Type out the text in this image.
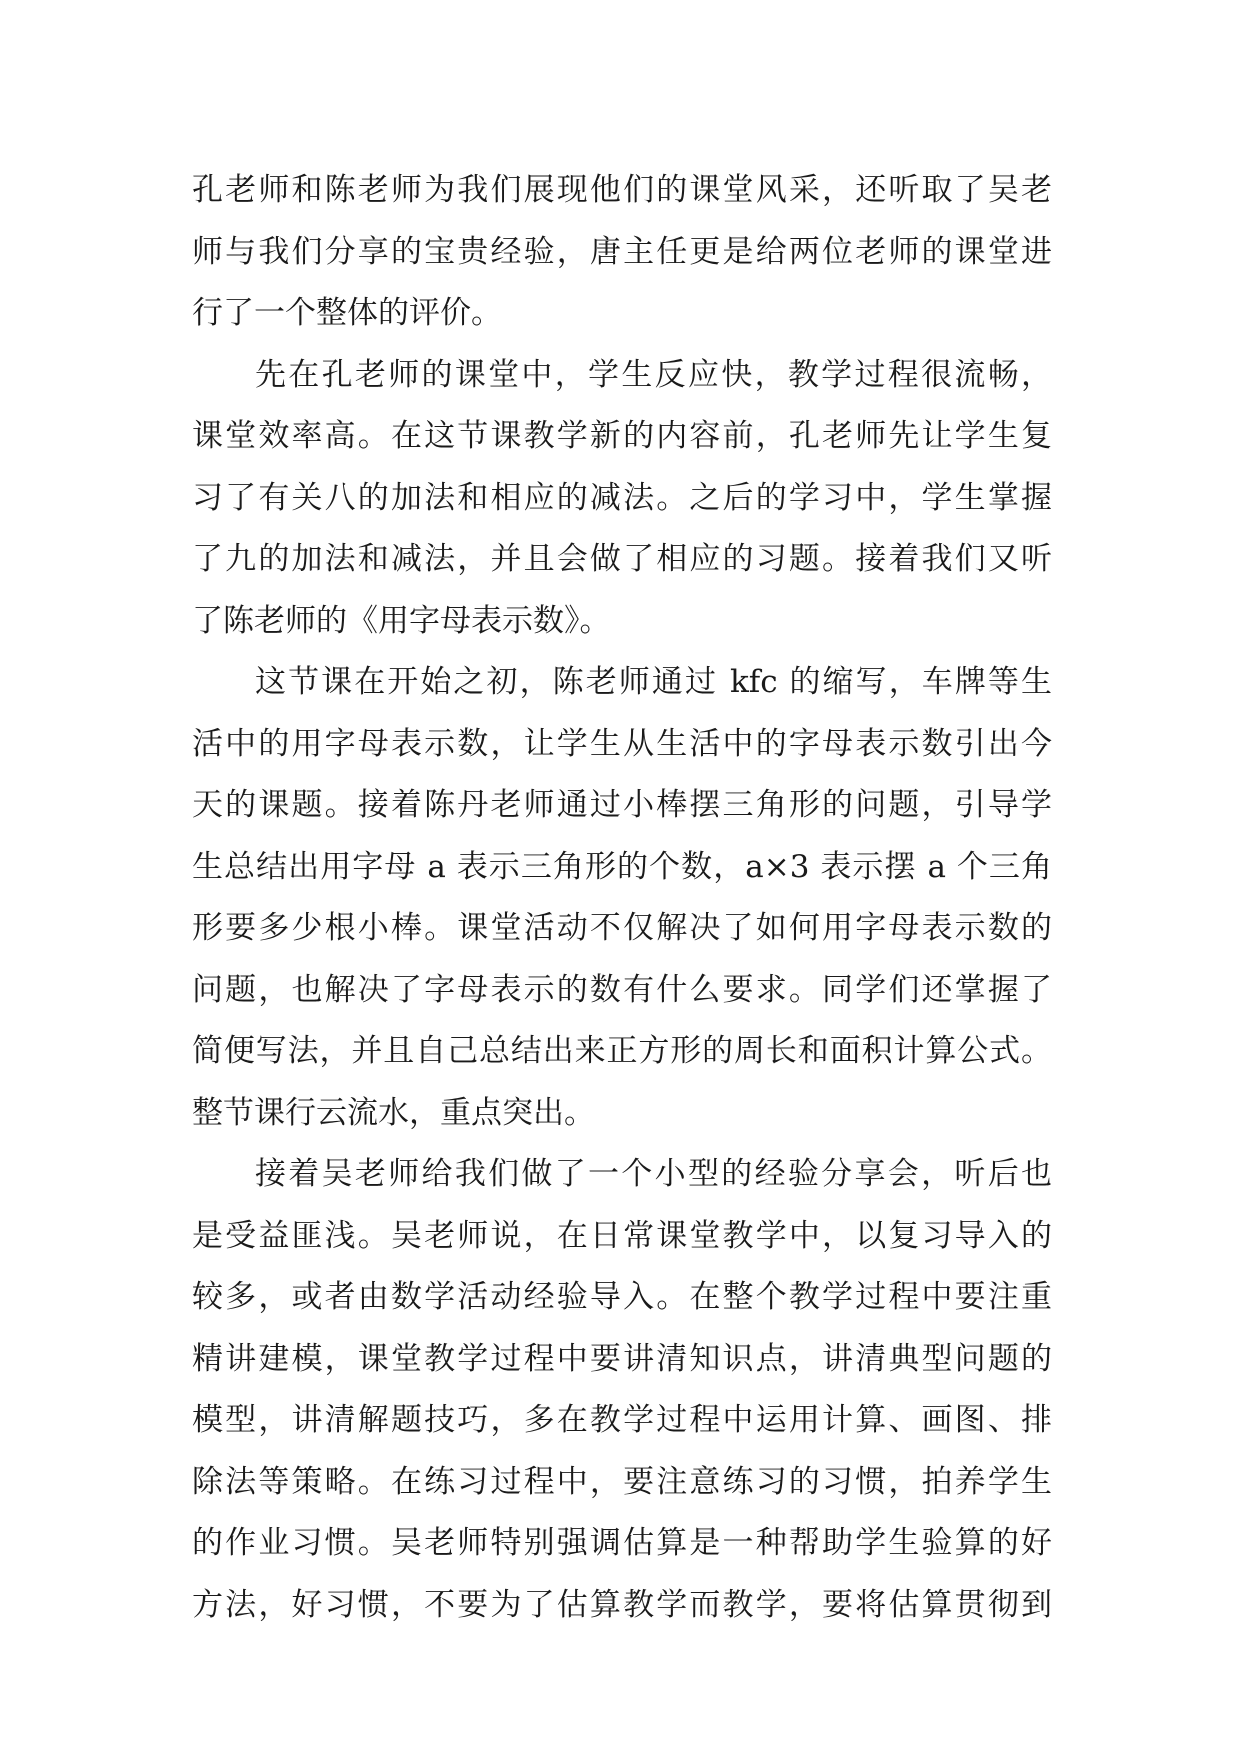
孔老师和陈老师为我们展现他们的课堂风采，还听取了吴老
师与我们分享的宝贵经验，唐主任更是给两位老师的课堂进
行了一个整体的评价。
先在孔老师的课堂中，学生反应快，教学过程很流畅，
课堂效率高。在这节课教学新的内容前，孔老师先让学生复
习了有关八的加法和相应的减法。之后的学习中，学生掌握
了九的加法和减法，并且会做了相应的习题。接着我们又听
了陈老师的《用字母表示数》。
这节课在开始之初，陈老师通过 kfc 的缩写，车牌等生
活中的用字母表示数，让学生从生活中的字母表示数引出今
天的课题。接着陈丹老师通过小棒摆三角形的问题，引导学
生总结出用字母 a 表示三角形的个数，a×3 表示摆 a 个三角
形要多少根小棒。课堂活动不仅解决了如何用字母表示数的
问题，也解决了字母表示的数有什么要求。同学们还掌握了
简便写法，并且自己总结出来正方形的周长和面积计算公式。
整节课行云流水，重点突出。
接着吴老师给我们做了一个小型的经验分享会，听后也
是受益匪浅。吴老师说，在日常课堂教学中，以复习导入的
较多，或者由数学活动经验导入。在整个教学过程中要注重
精讲建模，课堂教学过程中要讲清知识点，讲清典型问题的
模型，讲清解题技巧，多在教学过程中运用计算、画图、排
除法等策略。在练习过程中，要注意练习的习惯，拍养学生
的作业习惯。吴老师特别强调估算是一种帮助学生验算的好
方法，好习惯，不要为了估算教学而教学，要将估算贯彻到
